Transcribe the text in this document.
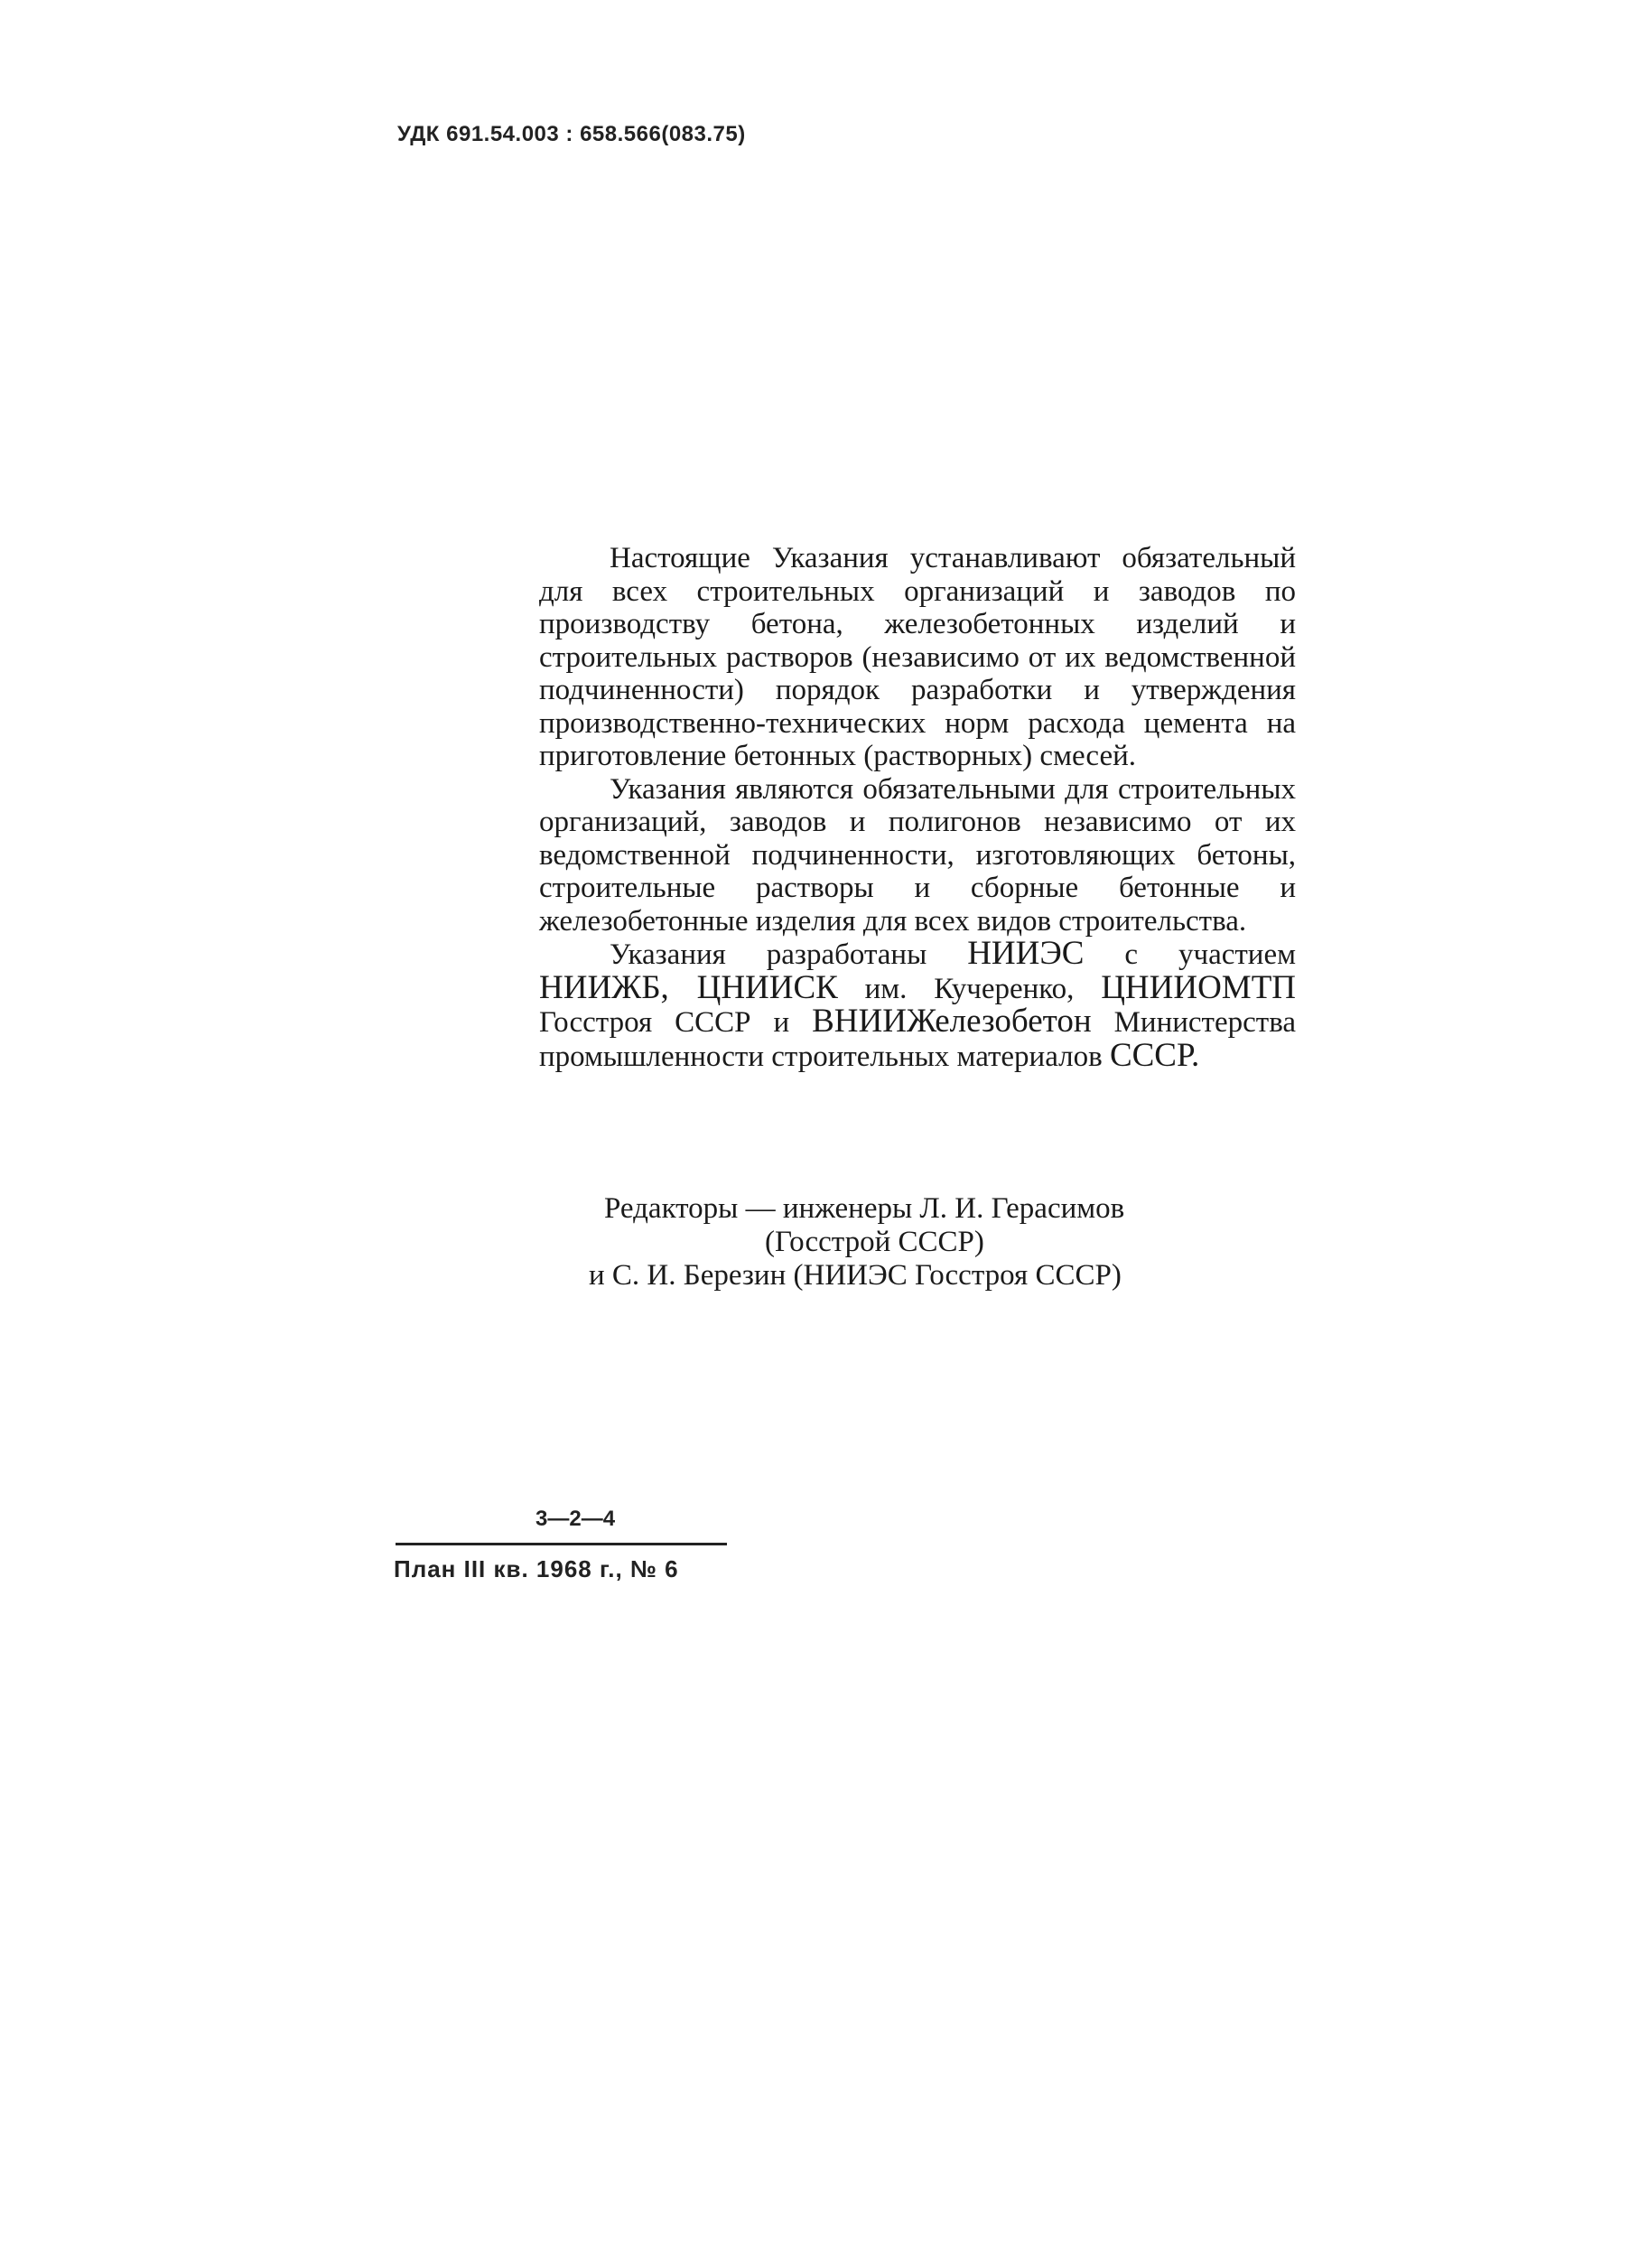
УДК 691.54.003 : 658.566(083.75)

Настоящие Указания устанавливают обязательный для всех строительных организаций и заводов по производству бетона, железобетонных изделий и строительных растворов (независимо от их ведомственной подчиненности) порядок разработки и утверждения производственно-технических норм расхода цемента на приготовление бетонных (растворных) смесей.

Указания являются обязательными для строительных организаций, заводов и полигонов независимо от их ведомственной подчиненности, изготовляющих бетоны, строительные растворы и сборные бетонные и железобетонные изделия для всех видов строительства.

Указания разработаны НИИЭС с участием НИИЖБ, ЦНИИСК им. Кучеренко, ЦНИИОМТП Госстроя СССР и ВНИИЖелезобетон Министерства промышленности строительных материалов СССР.

Редакторы — инженеры Л. И. Герасимов
(Госстрой СССР)
и С. И. Березин (НИИЭС Госстроя СССР)
3—2—4
План III кв. 1968 г., № 6
